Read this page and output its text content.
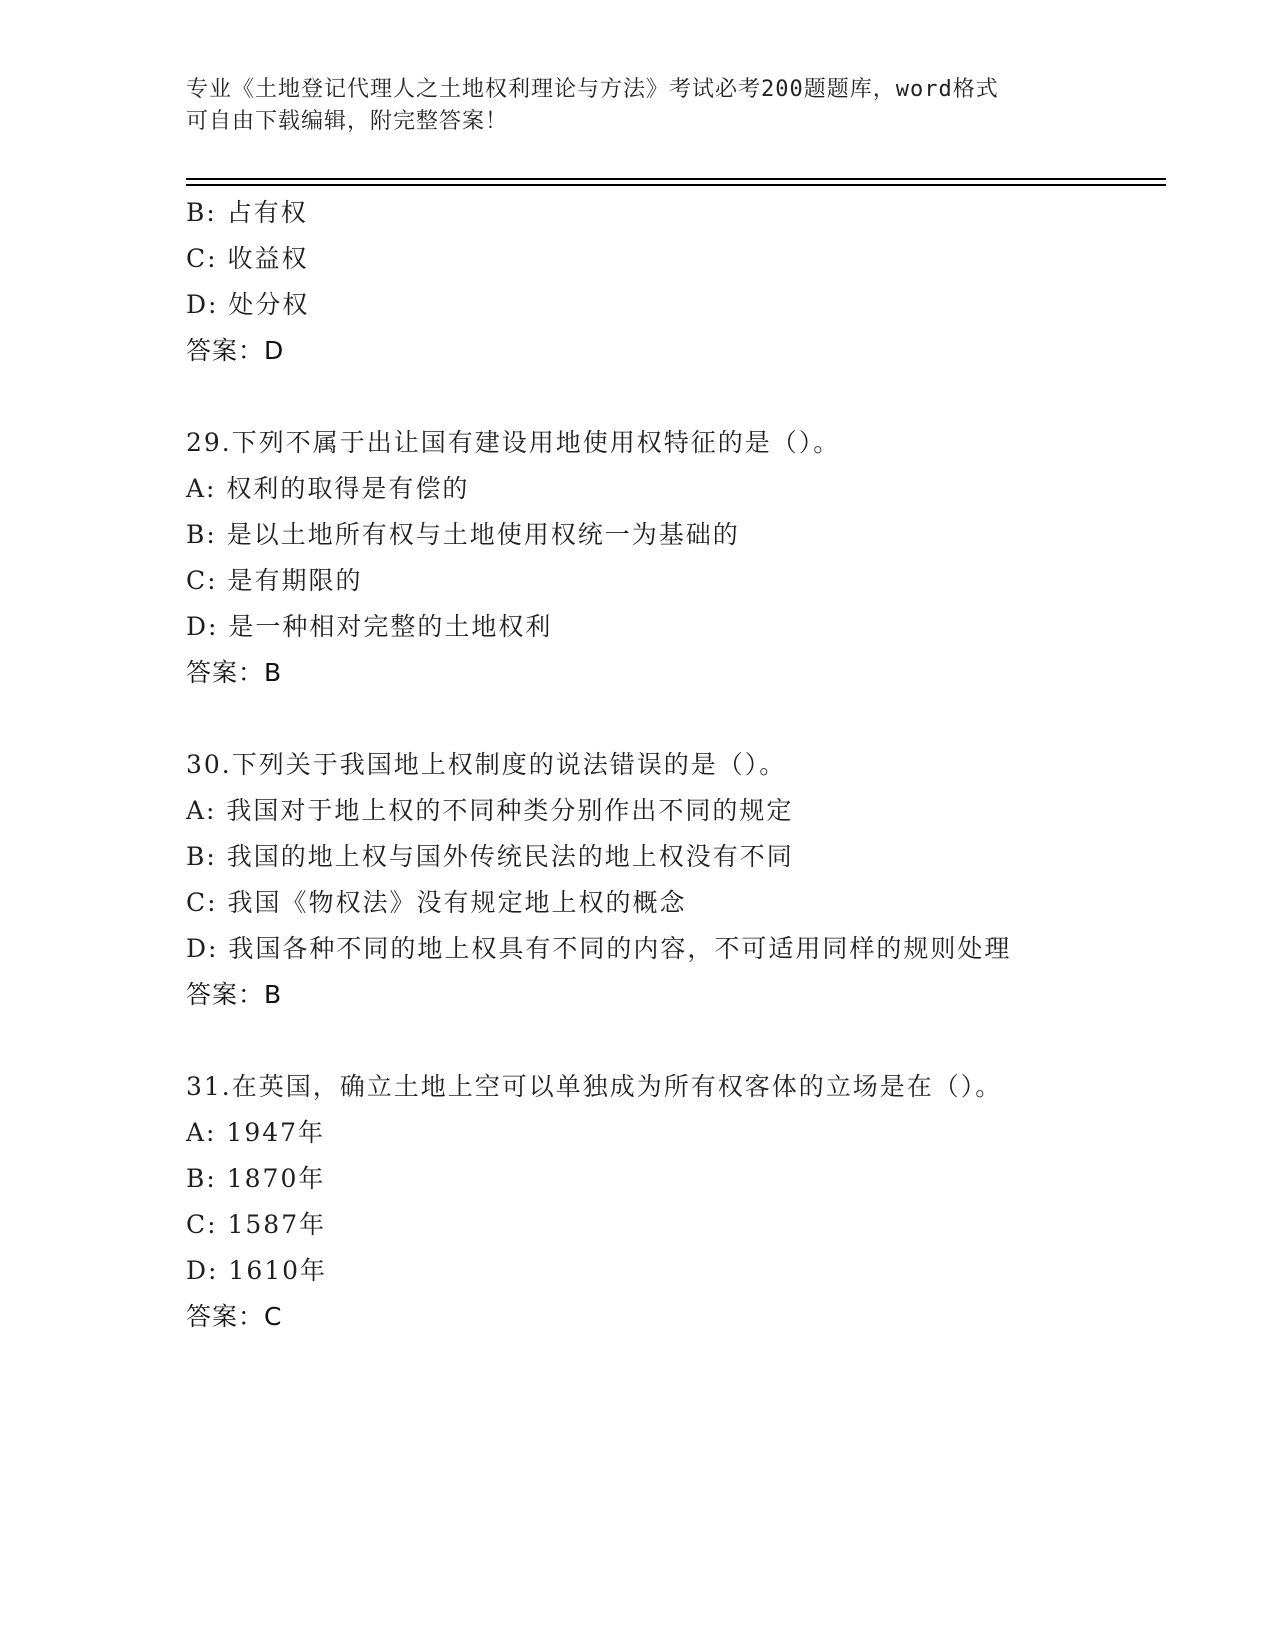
专业《土地登记代理人之土地权利理论与方法》考试必考200题题库，word格式
可自由下载编辑，附完整答案！
B: 占有权
C: 收益权
D: 处分权
答案：D
29.下列不属于出让国有建设用地使用权特征的是（）。
A: 权利的取得是有偿的
B: 是以土地所有权与土地使用权统一为基础的
C: 是有期限的
D: 是一种相对完整的土地权利
答案：B
30.下列关于我国地上权制度的说法错误的是（）。
A: 我国对于地上权的不同种类分别作出不同的规定
B: 我国的地上权与国外传统民法的地上权没有不同
C: 我国《物权法》没有规定地上权的概念
D: 我国各种不同的地上权具有不同的内容，不可适用同样的规则处理
答案：B
31.在英国，确立土地上空可以单独成为所有权客体的立场是在（）。
A: 1947年
B: 1870年
C: 1587年
D: 1610年
答案：C
